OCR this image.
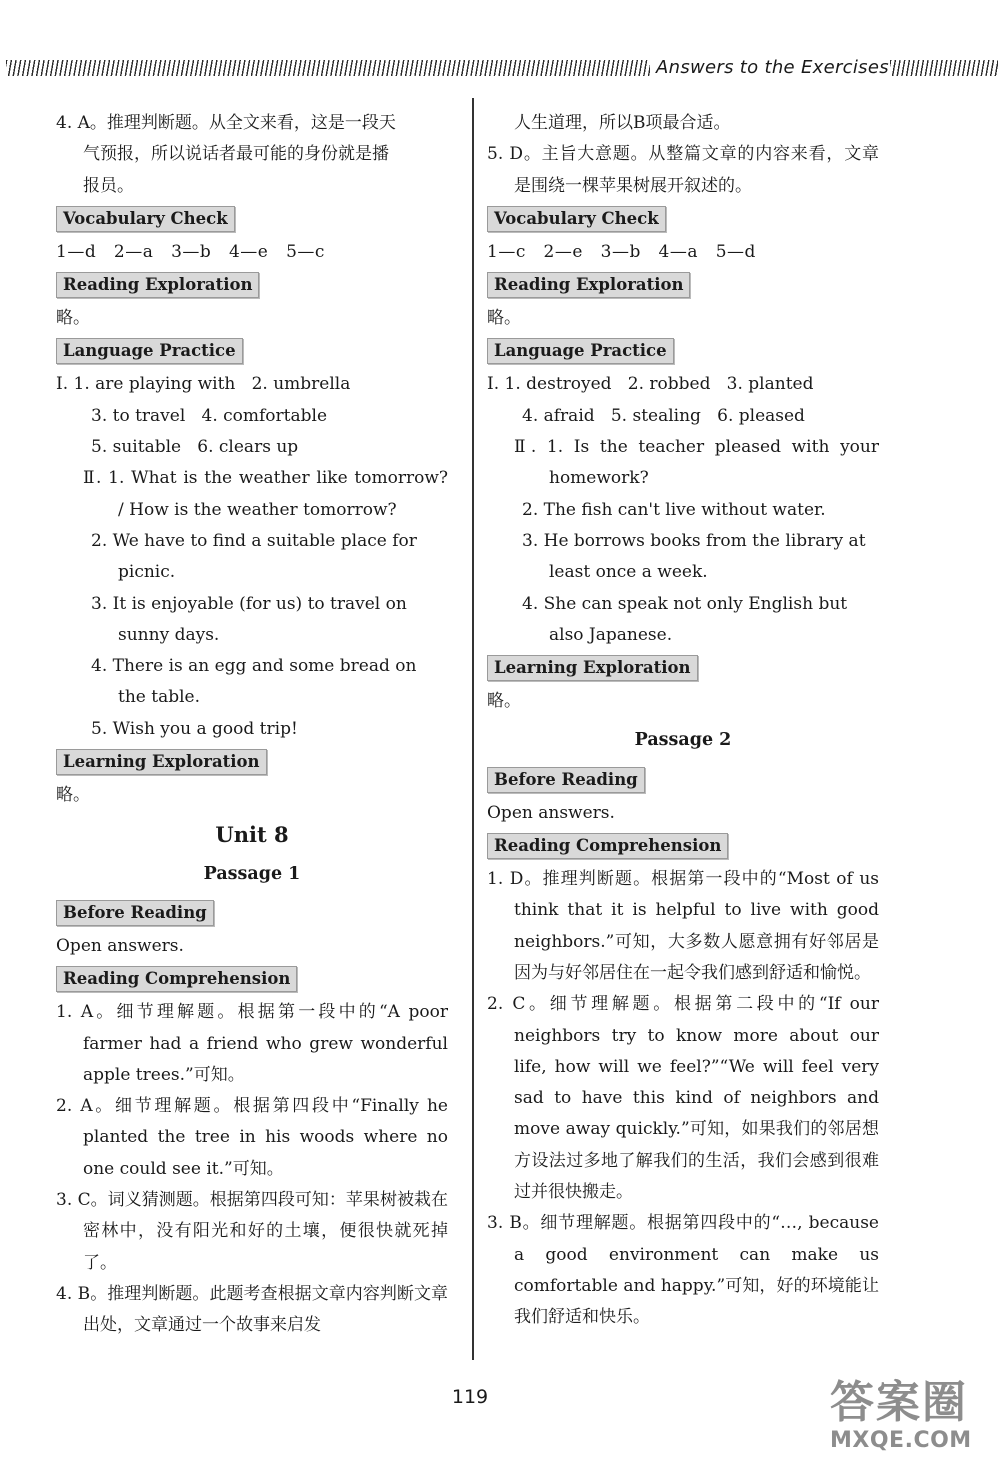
Answers to the Exercises

4. A。推理判断题。从全文来看，这是一段天
气预报，所以说话者最可能的身份就是播
报员。

Vocabulary Check

1—d   2—a   3—b   4—e   5—c

Reading Exploration

略。

Language Practice

Ⅰ. 1. are playing with   2. umbrella

3. to travel   4. comfortable

5. suitable   6. clears up

Ⅱ. 1. What is the weather like tomorrow? / How is the weather tomorrow?

2. We have to find a suitable place for picnic.

3. It is enjoyable (for us) to travel on sunny days.

4. There is an egg and some bread on the table.

5. Wish you a good trip!

Learning Exploration

略。

Unit 8

Passage 1

Before Reading

Open answers.

Reading Comprehension

1. A。细节理解题。根据第一段中的“A poor farmer had a friend who grew wonderful apple trees.”可知。

2. A。细节理解题。根据第四段中“Finally he planted the tree in his woods where no one could see it.”可知。

3. C。词义猜测题。根据第四段可知：苹果树被栽在密林中，没有阳光和好的土壤，便很快就死掉了。

4. B。推理判断题。此题考查根据文章内容判断文章出处，文章通过一个故事来启发

人生道理，所以B项最合适。

5. D。主旨大意题。从整篇文章的内容来看，文章是围绕一棵苹果树展开叙述的。

Vocabulary Check

1—c   2—e   3—b   4—a   5—d

Reading Exploration

略。

Language Practice

Ⅰ. 1. destroyed   2. robbed   3. planted

4. afraid   5. stealing   6. pleased

Ⅱ. 1. Is the teacher pleased with your homework?

2. The fish can't live without water.

3. He borrows books from the library at least once a week.

4. She can speak not only English but also Japanese.

Learning Exploration

略。

Passage 2

Before Reading

Open answers.

Reading Comprehension

1. D。推理判断题。根据第一段中的“Most of us think that it is helpful to live with good neighbors.”可知，大多数人愿意拥有好邻居是因为与好邻居住在一起令我们感到舒适和愉悦。

2. C。细节理解题。根据第二段中的“If our neighbors try to know more about our life, how will we feel?”“We will feel very sad to have this kind of neighbors and move away quickly.”可知，如果我们的邻居想方设法过多地了解我们的生活，我们会感到很难过并很快搬走。

3. B。细节理解题。根据第四段中的“…, because a good environment can make us comfortable and happy.”可知，好的环境能让我们舒适和快乐。

119	答案圈
MXQE.COM
